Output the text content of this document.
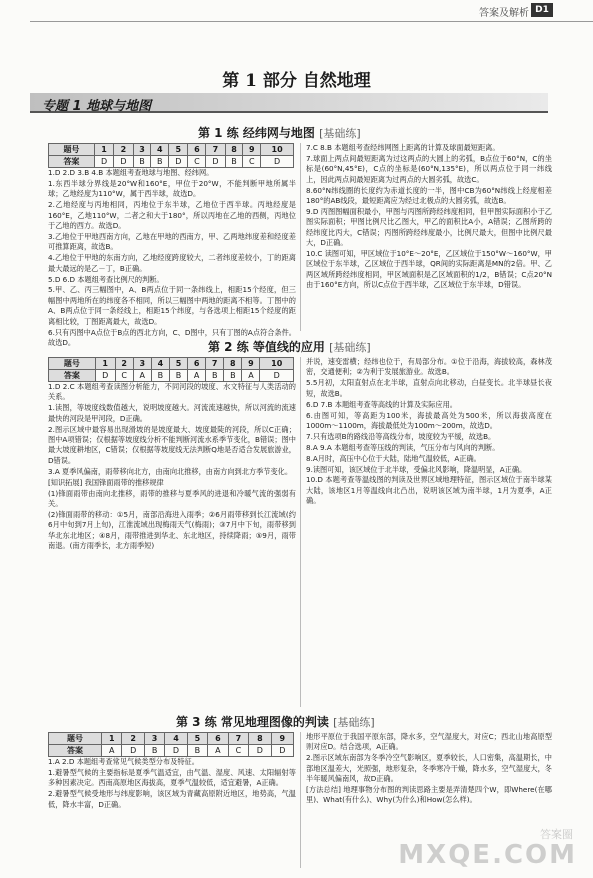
答案及解析 D1
第 1 部分 自然地理
专题 1 地球与地图
第 1 练 经纬网与地图 [基础练]
题号	1	2	3	4	5	6	7	8	9	10
答案	D	D	B	B	D	C	D	B	C	D

1.D 2.D 3.B 4.B 本题组考查地球与地图、经纬网。

1.东西半球分界线是20°W和160°E，甲位于20°W，不能判断甲地所属半球；乙地经度为110°W，属于西半球，故选D。

2.乙地经度与丙地相同，丙地位于东半球，乙地位于西半球。丙地经度是160°E，乙地110°W，二者之和大于180°，所以丙地在乙地的西侧，丙地位于乙地的西方。故选D。

3.乙地位于甲地西南方向，乙地在甲地的西南方，甲、乙两地纬度差和经度差可推算距离，故选B。

4.乙地位于甲地的东南方向，乙地经度跨度较大，二者纬度差较小，丁的距离最大最远的是乙－丁，B正确。

5.D 6.D 本题组考查比例尺的判断。

5.甲、乙、丙三幅图中，A、B两点位于同一条纬线上，相距15个经度，但三幅图中两地所在的纬度各不相同，所以三幅图中两地的距离不相等。丁图中的A、B两点位于同一条经线上，相距15个纬度，与各选项上相距15个经度的距离相比较，丁图距离最大，故选D。

6.只有丙图中A点位于B点的西北方向，C、D图中，只有丁图的A点符合条件。故选D。

7.C 8.B 本题组考查经纬网图上距离的计算及球面最短距离。

7.球面上两点间最短距离为过这两点的大圆上的劣弧，B点位于60°N，C的坐标是(60°N,45°E)，C点的坐标是(60°N,135°E)，所以两点位于同一纬线上，因此两点间最短距离为过两点的大圆劣弧，故选C。

8.60°N纬线圈的长度约为赤道长度的一半，图中CB为60°N纬线上经度相差180°的AB线段，最短距离应为经过北极点的大圆劣弧，故选B。

9.D 丙图图幅面积最小，甲图与丙图所跨经纬度相同，但甲图实际面积小于乙图实际面积；甲图比例尺比乙图大，甲乙的面积比A小，A错误；乙图所跨的经纬度比丙大，C错误；丙图所跨经纬度最小，比例尺最大，但图中比例尺最大，D正确。

10.C 读图可知，甲区域位于10°E～20°E，乙区域位于150°W～160°W，甲区域位于东半球，乙区域位于西半球，QR间的实际距离是MN的2倍。甲、乙两区域所跨经纬度相同，甲区域面积是乙区域面积的1/2，B错误；C点20°N由于160°E方向，所以C点位于西半球，乙区域位于东半球，D错误。

第 2 练 等值线的应用 [基础练]
题号	1	2	3	4	5	6	7	8	9	10
答案	D	C	A	B	B	A	B	B	A	D

1.D 2.C 本题组考查读图分析能力，不同河段的坡度、水文特征与人类活动的关系。

1.读图，等坡度线数值越大，说明坡度越大。河流流速越快，所以河流的流速最快的河段是甲河段，D正确。

2.图示区域中最容易出现滑坡的是坡度最大、坡度最陡的河段，所以C正确；图中A项错误；仅根据等坡度线分析不能判断河流水系季节变化，B错误；图中最大坡度耕地区，C错误；仅根据等坡度线无法判断Q地是否适合发展旅游业，D错误。

3.A 夏季风偏南，雨带移向北方，由南向北推移，由南方向到北方季节变化。

[知识拓展] 我国锋面雨带的推移规律

(1)锋面雨带由南向北推移，雨带的推移与夏季风的进退和冷暖气流的强弱有关。

(2)锋面雨带的移动：①5月，南部沿海进入雨季；②6月雨带移到长江流域(约6月中旬到7月上旬)，江淮流域出现梅雨天气(梅雨)；③7月中下旬，雨带移到华北东北地区；④8月，雨带推进到华北、东北地区，持续降雨；⑤9月，雨带南退。(南方雨季长，北方雨季短)

并说，速变雷横；经纬也位于，有局部分布。①位于沿海，海拔较高，森林茂密，交通便利；②为利于发展旅游业。故选B。

5.5月初，太阳直射点在北半球，直射点向北移动，白昼变长。北半球昼长夜短，故选B。

6.D 7.B 本题组考查等高线的计算及实际应用。

6.由图可知，等高距为100米，海拔最高处为500米，所以海拔高度在1000m～1100m，海拔最低处为100m～200m，故选D。

7.只有选项B的路线沿等高线分布，坡度较为平缓，故选B。

8.A 9.A 本题组考查等压线的判读，气压分布与风向的判断。

8.A月时，高压中心位于大陆，陆地气温较低，A正确。

9.读图可知，该区域位于北半球，受偏北风影响，降温明显，A正确。

10.D 本题考查等温线图的判读及世界区域地理特征，图示区域位于南半球某大陆，该地区1月等温线向北凸出，说明该区域为南半球，1月为夏季，A正确。

第 3 练 常见地理图像的判读 [基础练]
题号	1	2	3	4	5	6	7	8	9
答案	A	D	B	D	B	A	C	D	D

1.A 2.D 本题组考查常见气候类型分布及特征。

1.避暑型气候的主要指标是夏季气温适宜，由气温、湿度、风速、太阳辐射等多种因素决定。西南高原地区海拔高，夏季气温较低，适宜避暑，A正确。

2.避暑型气候受地形与纬度影响，该区域为青藏高原附近地区，地势高，气温低，降水丰富，D正确。

地形平原位于我国平原东部，降水多，空气湿度大，对应C；西北山地高原型则对应D。结合选项，A正确。

2.图示区域东南部为冬季冷空气影响区，夏季较长，人口密集，高温期长，中部地区温差大，光照强，地形复杂，冬季寒冷干燥，降水多，空气湿度大，冬半年暖风偏南风，故D正确。

[方法总结] 地理事物分布图的判读思路主要是弄清楚四个W，即Where(在哪里)、What(有什么)、Why(为什么)和How(怎么样)。

答案圈
MXQE.COM
